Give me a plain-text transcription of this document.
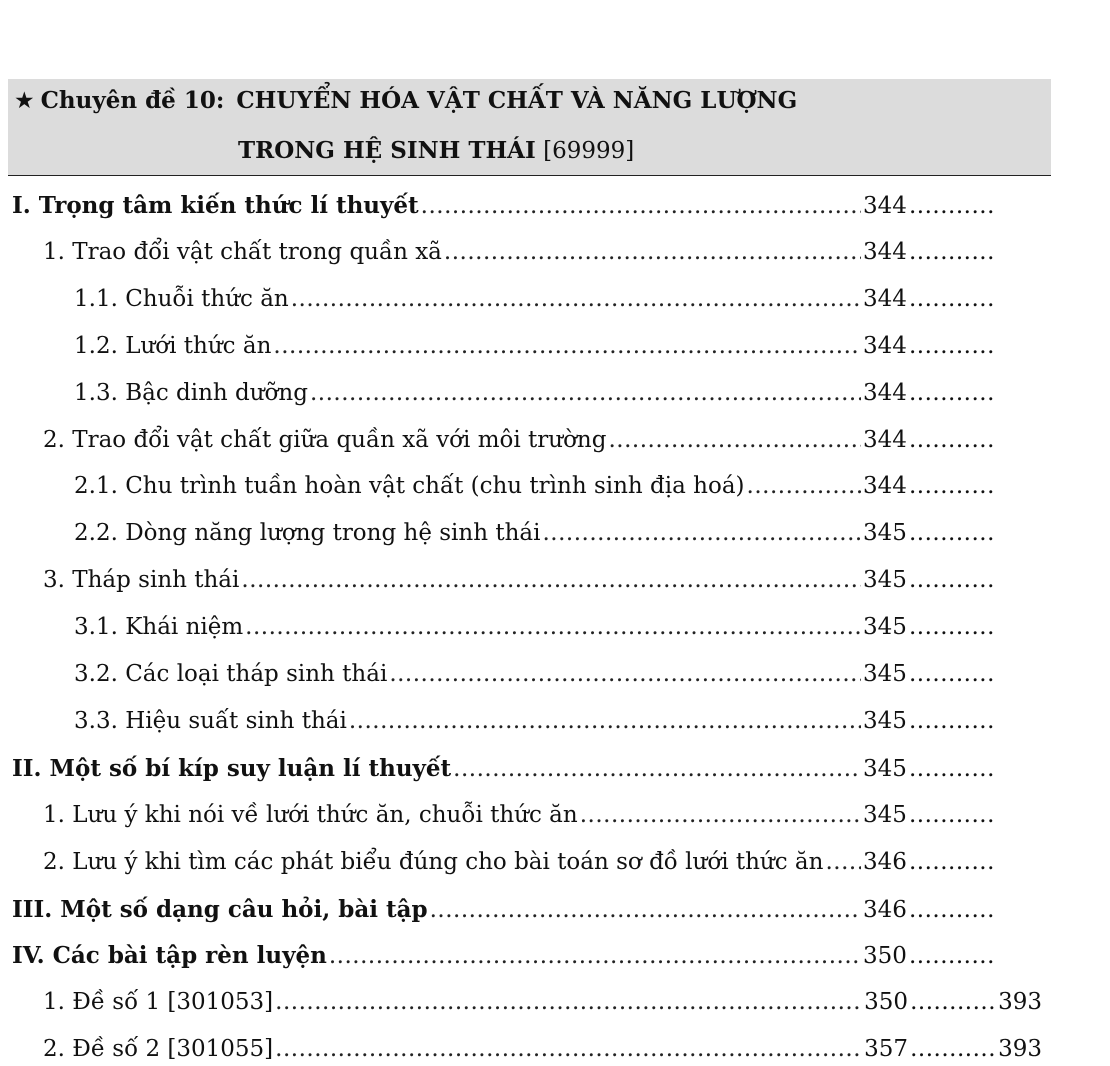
★ Chuyên đề 10: CHUYỂN HÓA VẬT CHẤT VÀ NĂNG LƯỢNG
TRONG HỆ SINH THÁI [69999]
I. Trọng tâm kiến thức lí thuyết .....	344
.....
1. Trao đổi vật chất trong quần xã .....	344
.....
1.1. Chuỗi thức ăn .....	344
.....
1.2. Lưới thức ăn .....	344
.....
1.3. Bậc dinh dưỡng .....	344
.....
2. Trao đổi vật chất giữa quần xã với môi trường .....	344
.....
2.1. Chu trình tuần hoàn vật chất (chu trình sinh địa hoá) .....	344
.....
2.2. Dòng năng lượng trong hệ sinh thái .....	345
.....
3. Tháp sinh thái .....	345
.....
3.1. Khái niệm .....	345
.....
3.2. Các loại tháp sinh thái .....	345
.....
3.3. Hiệu suất sinh thái .....	345
.....
II. Một số bí kíp suy luận lí thuyết .....	345
.....
1. Lưu ý khi nói về lưới thức ăn, chuỗi thức ăn .....	345
.....
2. Lưu ý khi tìm các phát biểu đúng cho bài toán sơ đồ lưới thức ăn ..... 346
.....
III. Một số dạng câu hỏi, bài tập .....	346
.....
IV. Các bài tập rèn luyện .....	350
.....
1. Đề số 1 [301053] .....	350 .....	393
2. Đề số 2 [301055] .....	357 .....	393
